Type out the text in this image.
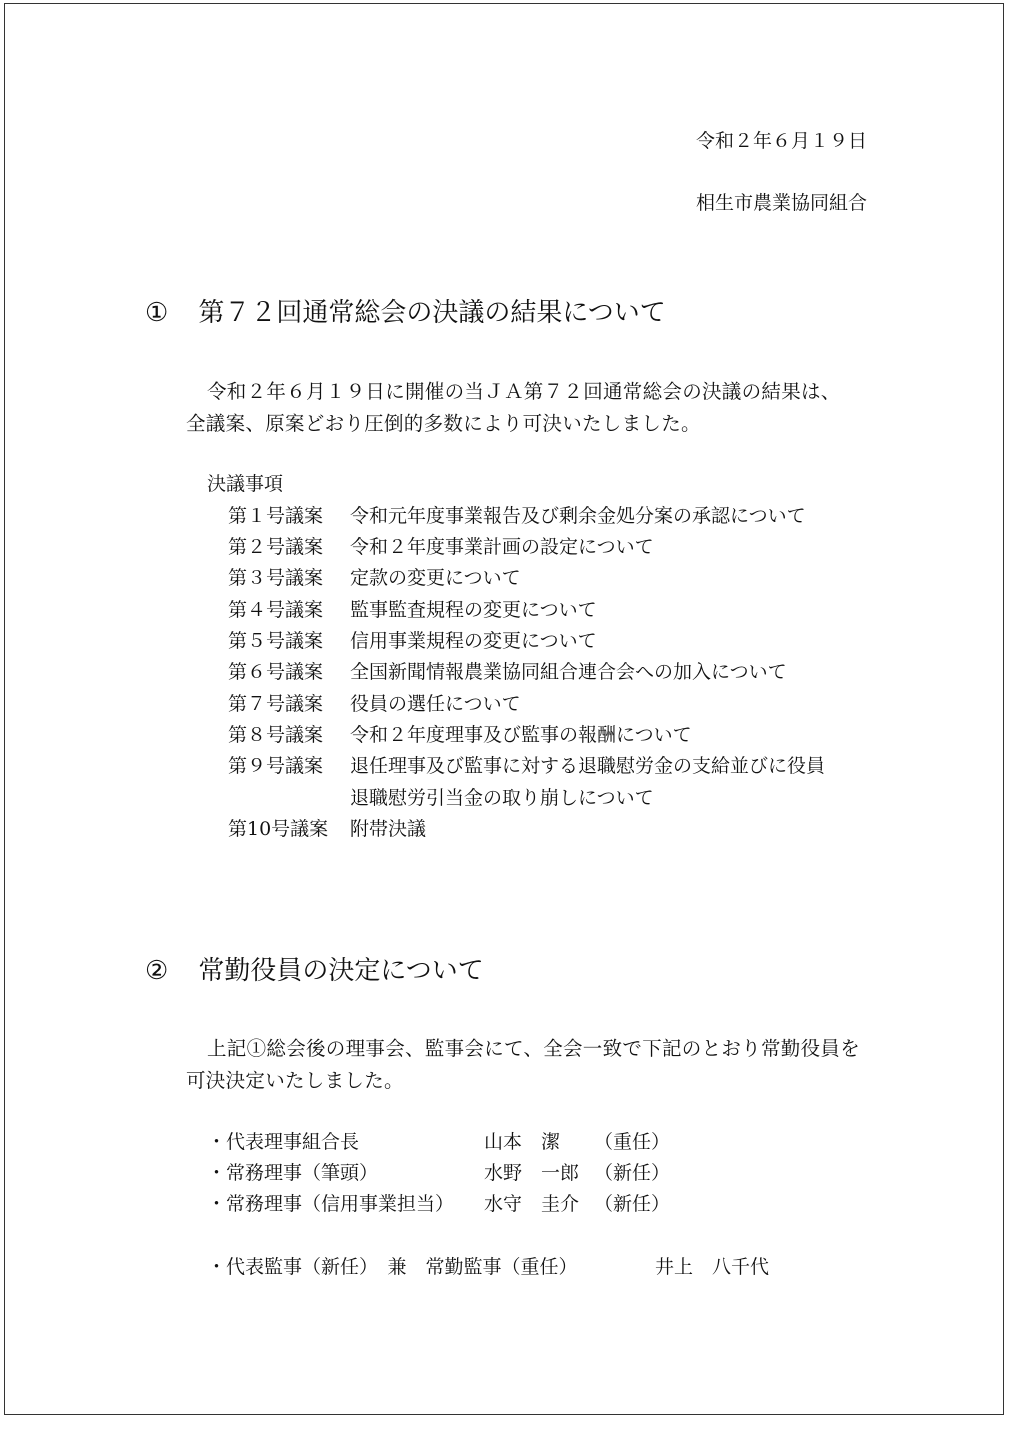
令和２年６月１９日
相生市農業協同組合
① 第７２回通常総会の決議の結果について
令和２年６月１９日に開催の当ＪＡ第７２回通常総会の決議の結果は、
全議案、原案どおり圧倒的多数により可決いたしました。
決議事項
第１号議案 令和元年度事業報告及び剰余金処分案の承認について
第２号議案 令和２年度事業計画の設定について
第３号議案 定款の変更について
第４号議案 監事監査規程の変更について
第５号議案 信用事業規程の変更について
第６号議案 全国新聞情報農業協同組合連合会への加入について
第７号議案 役員の選任について
第８号議案 令和２年度理事及び監事の報酬について
第９号議案 退任理事及び監事に対する退職慰労金の支給並びに役員
退職慰労引当金の取り崩しについて
第10号議案 附帯決議
② 常勤役員の決定について
上記①総会後の理事会、監事会にて、全会一致で下記のとおり常勤役員を
可決決定いたしました。
・代表理事組合長	山本　潔 （重任）
・常務理事（筆頭）	水野　一郎 （新任）
・常務理事（信用事業担当） 水守　圭介 （新任）
・代表監事（新任）　兼　常勤監事（重任）	井上　八千代
